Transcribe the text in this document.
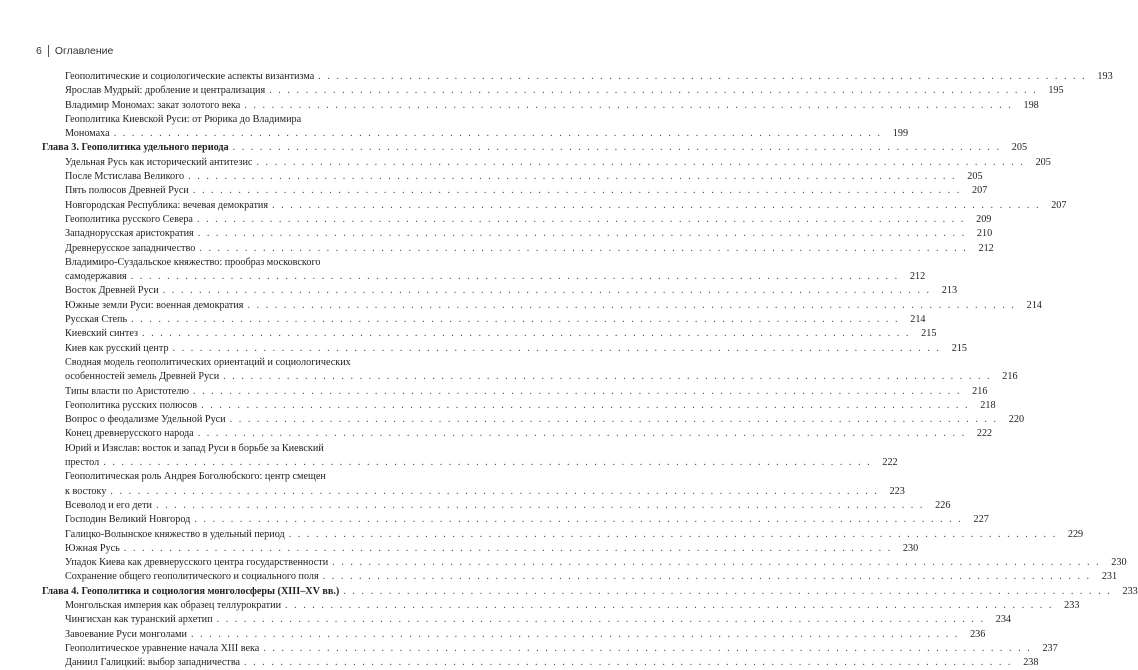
6 Оглавление
Геополитические и социологические аспекты византизма . . .	193
Ярослав Мудрый: дробление и централизация . . .	195
Владимир Мономах: закат золотого века . . .	198
Геополитика Киевской Руси: от Рюрика до Владимира
Мономаха . . .	199
Глава 3. Геополитика удельного периода . . .	205
Удельная Русь как исторический антитезис . . .	205
После Мстислава Великого . . .	205
Пять полюсов Древней Руси . . .	207
Новгородская Республика: вечевая демократия . . .	207
Геополитика русского Севера . . .	209
Западнорусская аристократия . . .	210
Древнерусское западничество . . .	212
Владимиро-Суздальское княжество: прообраз московского
самодержавия . . .	212
Восток Древней Руси . . .	213
Южные земли Руси: военная демократия . . .	214
Русская Степь . . .	214
Киевский синтез . . .	215
Киев как русский центр . . .	215
Сводная модель геополитических ориентаций и социологических
особенностей земель Древней Руси . . .	216
Типы власти по Аристотелю . . .	216
Геополитика русских полюсов . . .	218
Вопрос о феодализме Удельной Руси . . .	220
Конец древнерусского народа . . .	222
Юрий и Изяслав: восток и запад Руси в борьбе за Киевский
престол . . .	222
Геополитическая роль Андрея Боголюбского: центр смещен
к востоку . . .	223
Всеволод и его дети . . .	226
Господин Великий Новгород . . .	227
Галицко-Волынское княжество в удельный период . . .	229
Южная Русь . . .	230
Упадок Киева как древнерусского центра государственности . . .	230
Сохранение общего геополитического и социального поля . . .	231
Глава 4. Геополитика и социология монголосферы (XIII–XV вв.) . . .	233
Монгольская империя как образец теллурократии . . .	233
Чингисхан как туранский архетип . . .	234
Завоевание Руси монголами . . .	236
Геополитическое уравнение начала XIII века . . .	237
Даниил Галицкий: выбор западничества . . .	238
